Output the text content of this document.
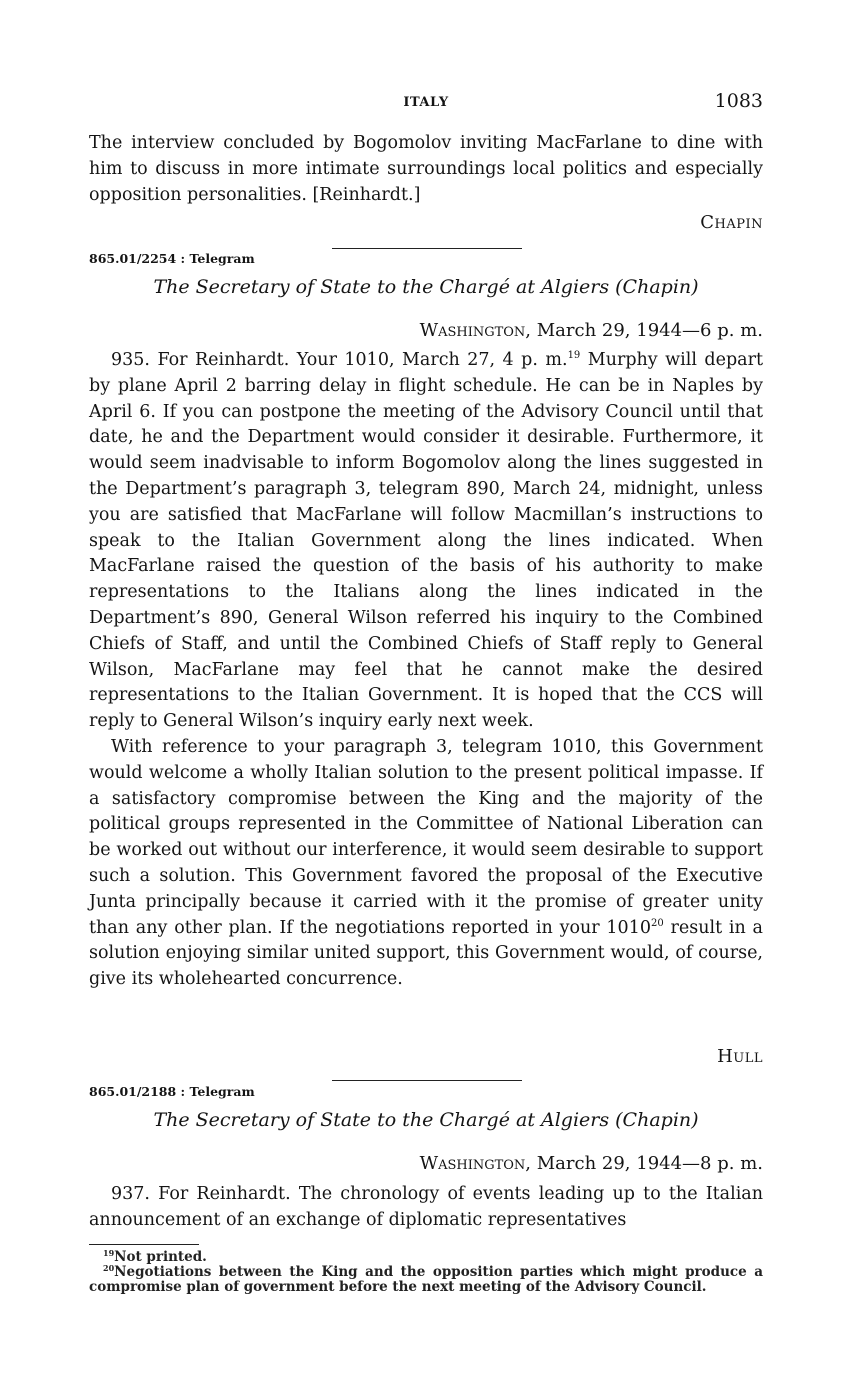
ITALY	1083

The interview concluded by Bogomolov inviting MacFarlane to dine with him to discuss in more intimate surroundings local politics and especially opposition personalities. [Reinhardt.]

Chapin
865.01/2254 : Telegram
The Secretary of State to the Chargé at Algiers (Chapin)
Washington, March 29, 1944—6 p. m.

935. For Reinhardt. Your 1010, March 27, 4 p. m.$^{19}$ Murphy will depart by plane April 2 barring delay in flight schedule. He can be in Naples by April 6. If you can postpone the meeting of the Advisory Council until that date, he and the Department would consider it desirable. Furthermore, it would seem inadvisable to inform Bogomolov along the lines suggested in the Department’s paragraph 3, telegram 890, March 24, midnight, unless you are satisfied that MacFarlane will follow Macmillan’s instructions to speak to the Italian Government along the lines indicated. When MacFarlane raised the question of the basis of his authority to make representations to the Italians along the lines indicated in the Department’s 890, General Wilson referred his inquiry to the Combined Chiefs of Staff, and until the Combined Chiefs of Staff reply to General Wilson, MacFarlane may feel that he cannot make the desired representations to the Italian Government. It is hoped that the CCS will reply to General Wilson’s inquiry early next week.

With reference to your paragraph 3, telegram 1010, this Government would welcome a wholly Italian solution to the present political impasse. If a satisfactory compromise between the King and the majority of the political groups represented in the Committee of National Liberation can be worked out without our interference, it would seem desirable to support such a solution. This Government favored the proposal of the Executive Junta principally because it carried with it the promise of greater unity than any other plan. If the negotiations reported in your 1010$^{20}$ result in a solution enjoying similar united support, this Government would, of course, give its wholehearted concurrence.

Hull
865.01/2188 : Telegram
The Secretary of State to the Chargé at Algiers (Chapin)
Washington, March 29, 1944—8 p. m.

937. For Reinhardt. The chronology of events leading up to the Italian announcement of an exchange of diplomatic representatives

$^{19}$Not printed.
$^{20}$Negotiations between the King and the opposition parties which might produce a compromise plan of government before the next meeting of the Advisory Council.
